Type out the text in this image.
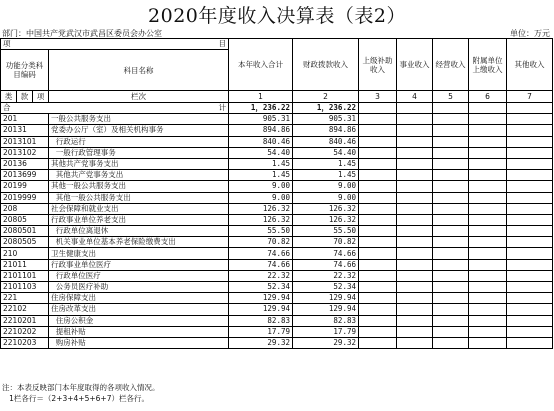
2020年度收入决算表（表2）
部门：中国共产党武汉市武昌区委员会办公室	单位：万元
项 目				本年收入合计	财政拨款收入	上级补助收入	事业收入	经营收入	附属单位上缴收入	其他收入
功能分类科目编码			科目名称							
类	款	项								
			栏次	1	2	3	4	5	6	7
合 计				1，236.22	1，236.22					
201			一般公共服务支出	905.31	905.31					
20131			党委办公厅（室）及相关机构事务	894.86	894.86					
2013101			行政运行	840.46	840.46					
2013102			一般行政管理事务	54.40	54.40					
20136			其他共产党事务支出	1.45	1.45					
2013699			其他共产党事务支出	1.45	1.45					
20199			其他一般公共服务支出	9.00	9.00					
2019999			其他一般公共服务支出	9.00	9.00					
208			社会保障和就业支出	126.32	126.32					
20805			行政事业单位养老支出	126.32	126.32					
2080501			行政单位离退休	55.50	55.50					
2080505			机关事业单位基本养老保险缴费支出	70.82	70.82					
210			卫生健康支出	74.66	74.66					
21011			行政事业单位医疗	74.66	74.66					
2101101			行政单位医疗	22.32	22.32					
2101103			公务员医疗补助	52.34	52.34					
221			住房保障支出	129.94	129.94					
22102			住房改革支出	129.94	129.94					
2210201			住房公积金	82.83	82.83					
2210202			提租补贴	17.79	17.79					
2210203			购房补贴	29.32	29.32					
注：本表反映部门本年度取得的各项收入情况。
1栏各行＝（2+3+4+5+6+7）栏各行。
